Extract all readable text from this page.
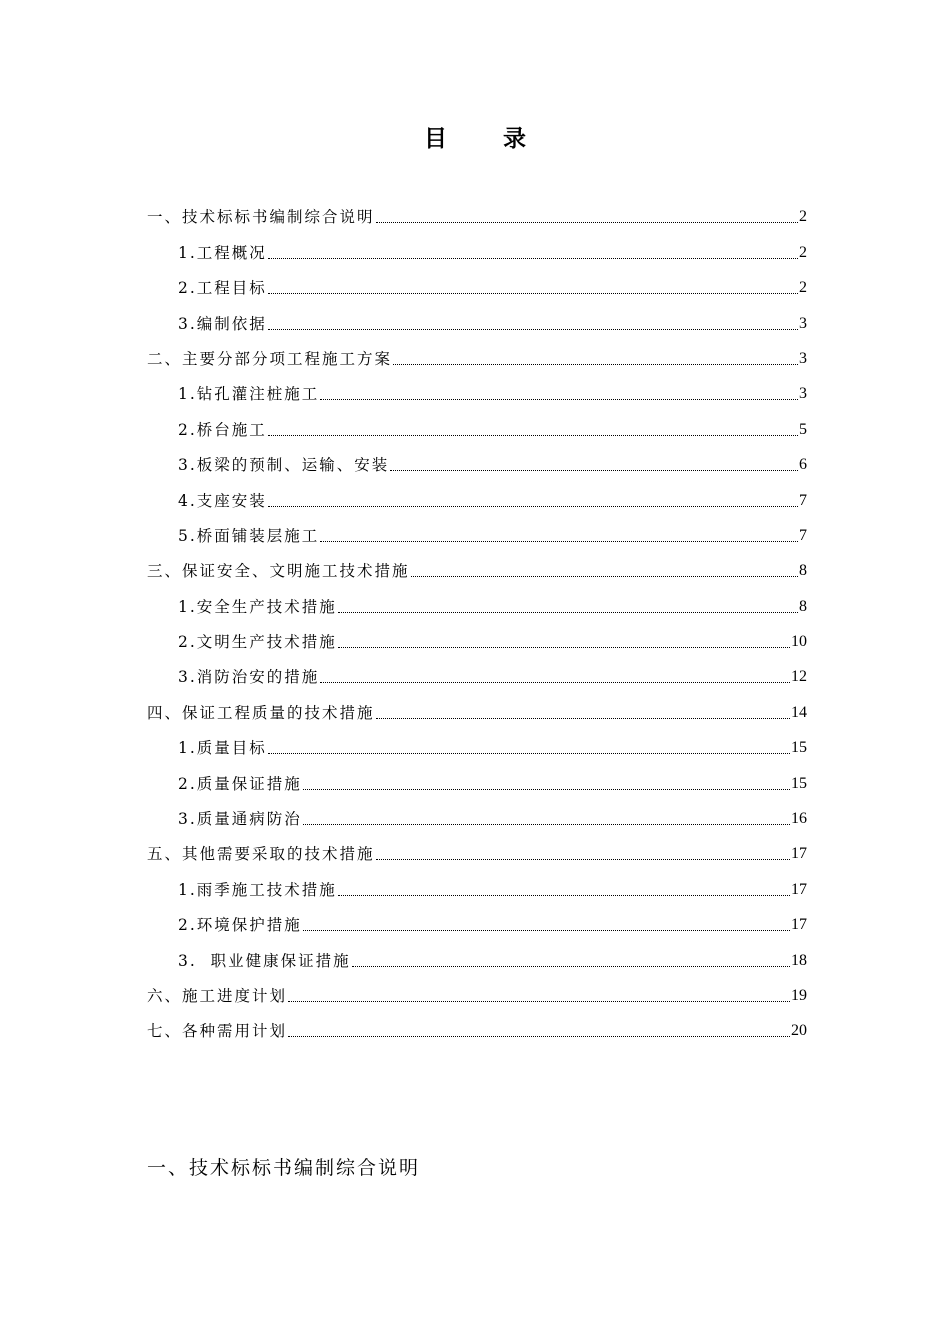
目 录
一、技术标标书编制综合说明	2
1.工程概况	2
2.工程目标	2
3.编制依据	3
二、主要分部分项工程施工方案	3
1.钻孔灌注桩施工	3
2.桥台施工	5
3.板梁的预制、运输、安装	6
4.支座安装	7
5.桥面铺装层施工	7
三、保证安全、文明施工技术措施	8
1.安全生产技术措施	8
2.文明生产技术措施	10
3.消防治安的措施	12
四、保证工程质量的技术措施	14
1.质量目标	15
2.质量保证措施	15
3.质量通病防治	16
五、其他需要采取的技术措施	17
1.雨季施工技术措施	17
2.环境保护措施	17
3.  职业健康保证措施	18
六、施工进度计划	19
七、各种需用计划	20
一、技术标标书编制综合说明
